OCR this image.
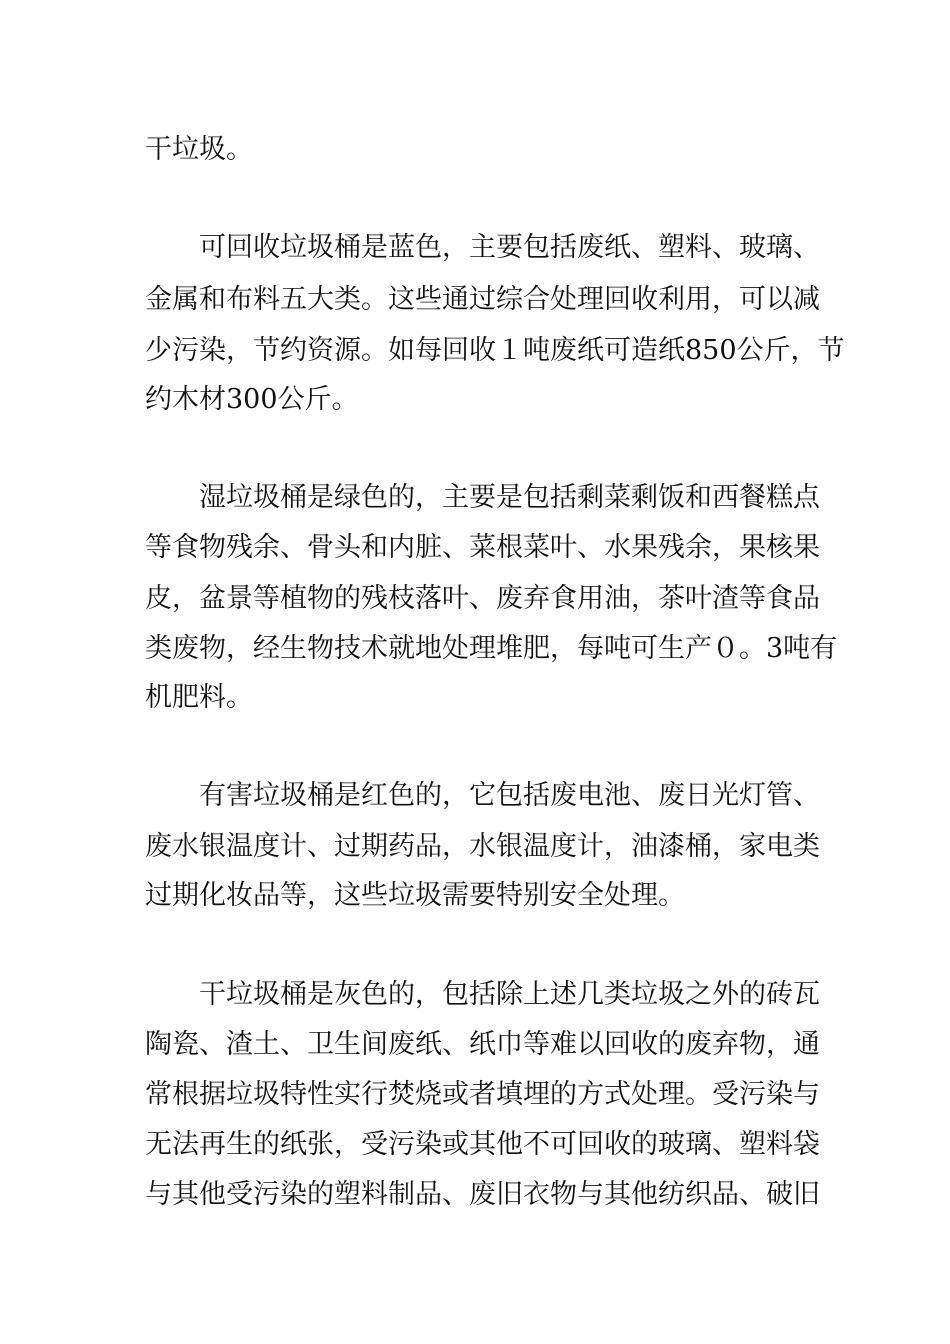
干垃圾。
可回收垃圾桶是蓝色，主要包括废纸、塑料、玻璃、
金属和布料五大类。这些通过综合处理回收利用，可以减
少污染，节约资源。如每回收１吨废纸可造纸850公斤，节
约木材300公斤。
湿垃圾桶是绿色的，主要是包括剩菜剩饭和西餐糕点
等食物残余、骨头和内脏、菜根菜叶、水果残余，果核果
皮，盆景等植物的残枝落叶、废弃食用油，茶叶渣等食品
类废物，经生物技术就地处理堆肥，每吨可生产０。3吨有
机肥料。
有害垃圾桶是红色的，它包括废电池、废日光灯管、
废水银温度计、过期药品，水银温度计，油漆桶，家电类
过期化妆品等，这些垃圾需要特别安全处理。
干垃圾桶是灰色的，包括除上述几类垃圾之外的砖瓦
陶瓷、渣土、卫生间废纸、纸巾等难以回收的废弃物，通
常根据垃圾特性实行焚烧或者填埋的方式处理。受污染与
无法再生的纸张，受污染或其他不可回收的玻璃、塑料袋
与其他受污染的塑料制品、废旧衣物与其他纺织品、破旧
